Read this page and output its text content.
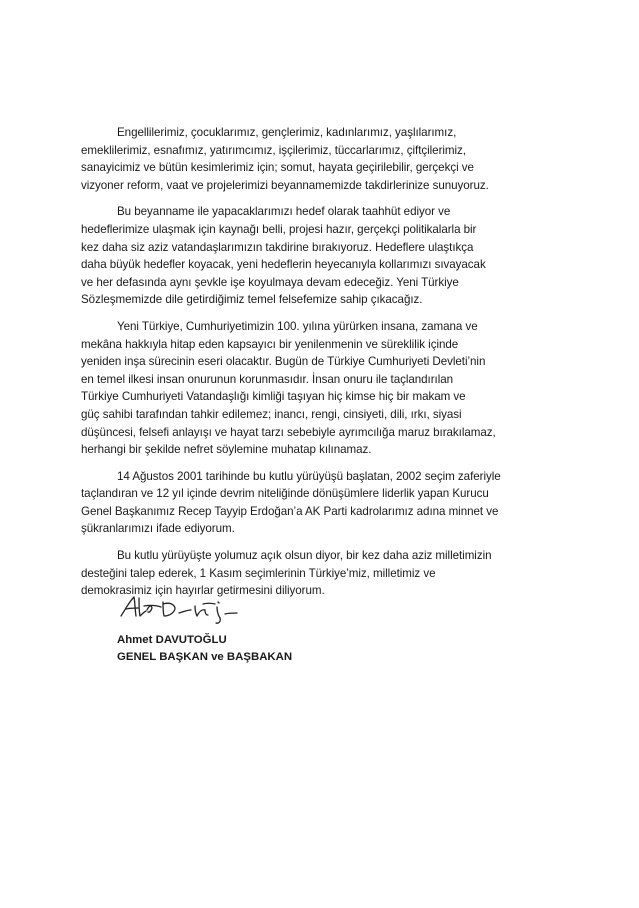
Engellilerimiz, çocuklarımız, gençlerimiz, kadınlarımız, yaşlılarımız,
emeklilerimiz, esnafımız, yatırımcımız, işçilerimiz, tüccarlarımız, çiftçilerimiz,
sanayicimiz ve bütün kesimlerimiz için; somut, hayata geçirilebilir, gerçekçi ve
vizyoner reform, vaat ve projelerimizi beyannamemizde takdirlerinize sunuyoruz.

Bu beyanname ile yapacaklarımızı hedef olarak taahhüt ediyor ve
hedeflerimize ulaşmak için kaynağı belli, projesi hazır, gerçekçi politikalarla bir
kez daha siz aziz vatandaşlarımızın takdirine bırakıyoruz. Hedeflere ulaştıkça
daha büyük hedefler koyacak, yeni hedeflerin heyecanıyla kollarımızı sıvayacak
ve her defasında aynı şevkle işe koyulmaya devam edeceğiz. Yeni Türkiye
Sözleşmemizde dile getirdiğimiz temel felsefemize sahip çıkacağız.

Yeni Türkiye, Cumhuriyetimizin 100. yılına yürürken insana, zamana ve
mekâna hakkıyla hitap eden kapsayıcı bir yenilenmenin ve süreklilik içinde
yeniden inşa sürecinin eseri olacaktır. Bugün de Türkiye Cumhuriyeti Devleti’nin
en temel ilkesi insan onurunun korunmasıdır. İnsan onuru ile taçlandırılan
Türkiye Cumhuriyeti Vatandaşlığı kimliği taşıyan hiç kimse hiç bir makam ve
güç sahibi tarafından tahkir edilemez; inancı, rengi, cinsiyeti, dili, ırkı, siyasi
düşüncesi, felsefi anlayışı ve hayat tarzı sebebiyle ayrımcılığa maruz bırakılamaz,
herhangi bir şekilde nefret söylemine muhatap kılınamaz.

14 Ağustos 2001 tarihinde bu kutlu yürüyüşü başlatan, 2002 seçim zaferiyle
taçlandıran ve 12 yıl içinde devrim niteliğinde dönüşümlere liderlik yapan Kurucu
Genel Başkanımız Recep Tayyip Erdoğan’a AK Parti kadrolarımız adına minnet ve
şükranlarımızı ifade ediyorum.

Bu kutlu yürüyüşte yolumuz açık olsun diyor, bir kez daha aziz milletimizin
desteğini talep ederek, 1 Kasım seçimlerinin Türkiye’miz, milletimiz ve
demokrasimiz için hayırlar getirmesini diliyorum.

Ahmet DAVUTOĞLU

GENEL BAŞKAN ve BAŞBAKAN
